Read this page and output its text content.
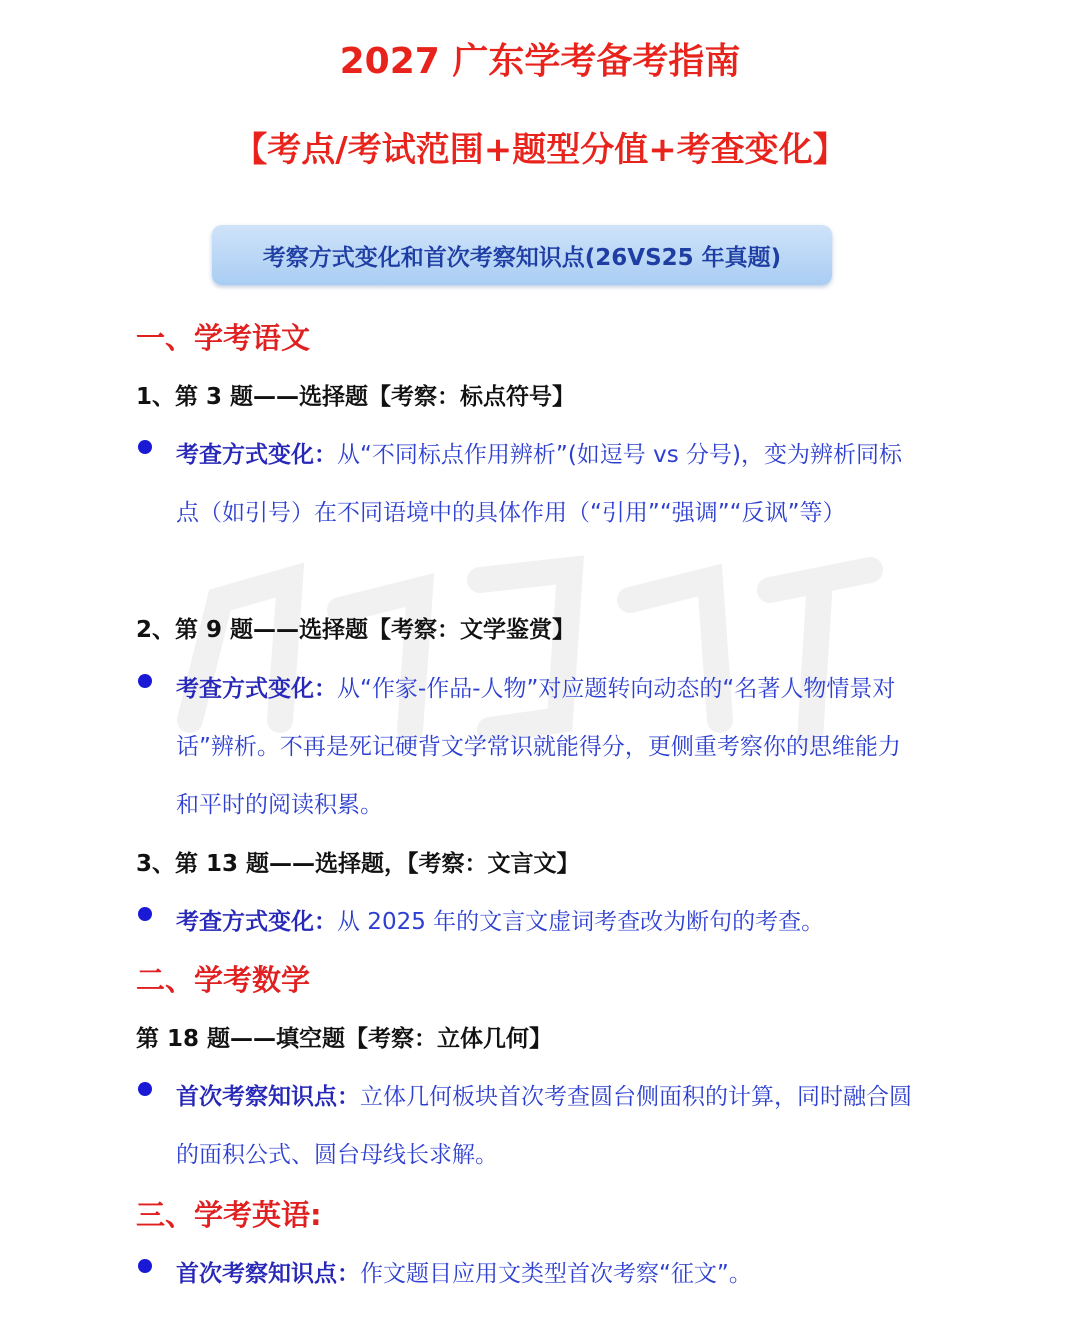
2027 广东学考备考指南
【考点/考试范围+题型分值+考查变化】
考察方式变化和首次考察知识点(26VS25 年真题)
一、学考语文
1、第 3 题——选择题【考察：标点符号】
考查方式变化：从“不同标点作用辨析”(如逗号 vs 分号)，变为辨析同标点（如引号）在不同语境中的具体作用（“引用”“强调”“反讽”等）
2、第 9 题——选择题【考察：文学鉴赏】
考查方式变化：从“作家-作品-人物”对应题转向动态的“名著人物情景对话”辨析。不再是死记硬背文学常识就能得分，更侧重考察你的思维能力和平时的阅读积累。
3、第 13 题——选择题，【考察：文言文】
考查方式变化：从 2025 年的文言文虚词考查改为断句的考查。
二、学考数学
第 18 题——填空题【考察：立体几何】
首次考察知识点：立体几何板块首次考查圆台侧面积的计算，同时融合圆的面积公式、圆台母线长求解。
三、学考英语:
首次考察知识点：作文题目应用文类型首次考察“征文”。
